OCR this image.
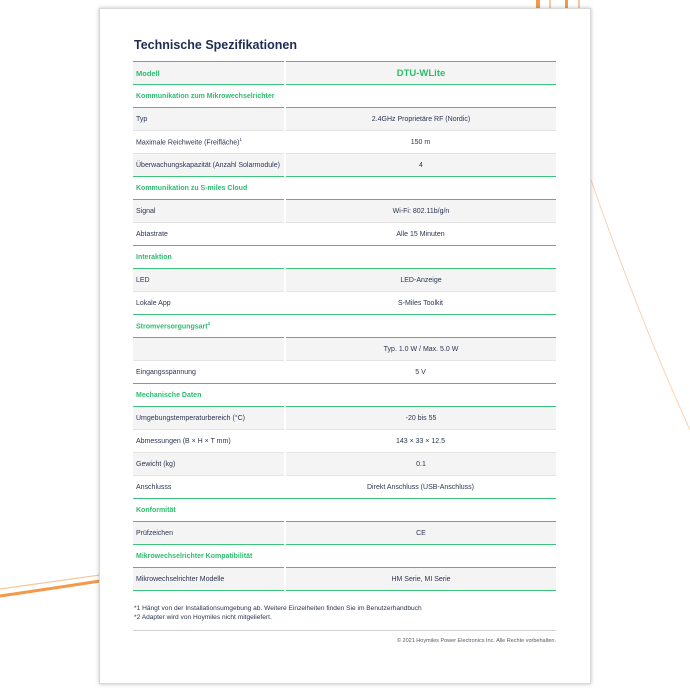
Technische Spezifikationen
Modell	DTU-WLite
Kommunikation zum Mikrowechselrichter	
Typ	2.4GHz Proprietäre RF (Nordic)
Maximale Reichweite (Freifläche)$^1$	150 m
Überwachungskapazität (Anzahl Solarmodule)	4
Kommunikation zu S-miles Cloud	
Signal	Wi-Fi: 802.11b/g/n
Abtastrate	Alle 15 Minuten
Interaktion	
LED	LED-Anzeige
Lokale App	S-Miles Toolkit
Stromversorgungsart$^2$
	Typ. 1.0 W / Max. 5.0 W
Eingangsspannung	5 V
Mechanische Daten	
Umgebungstemperaturbereich (°C)	-20 bis 55
Abmessungen (B × H × T mm)	143 × 33 × 12.5
Gewicht (kg)	0.1
Anschlusss	Direkt Anschluss (USB-Anschluss)
Konformität	
Prüfzeichen	CE
Mikrowechselrichter Kompatibilität	
Mikrowechselrichter Modelle	HM Serie, MI Serie
*1 Hängt von der Installationsumgebung ab. Weitere Einzelheiten finden Sie im Benutzerhandbuch
*2 Adapter wird von Hoymiles nicht mitgeliefert.
© 2021 Hoymiles Power Electronics Inc. Alle Rechte vorbehalten.
